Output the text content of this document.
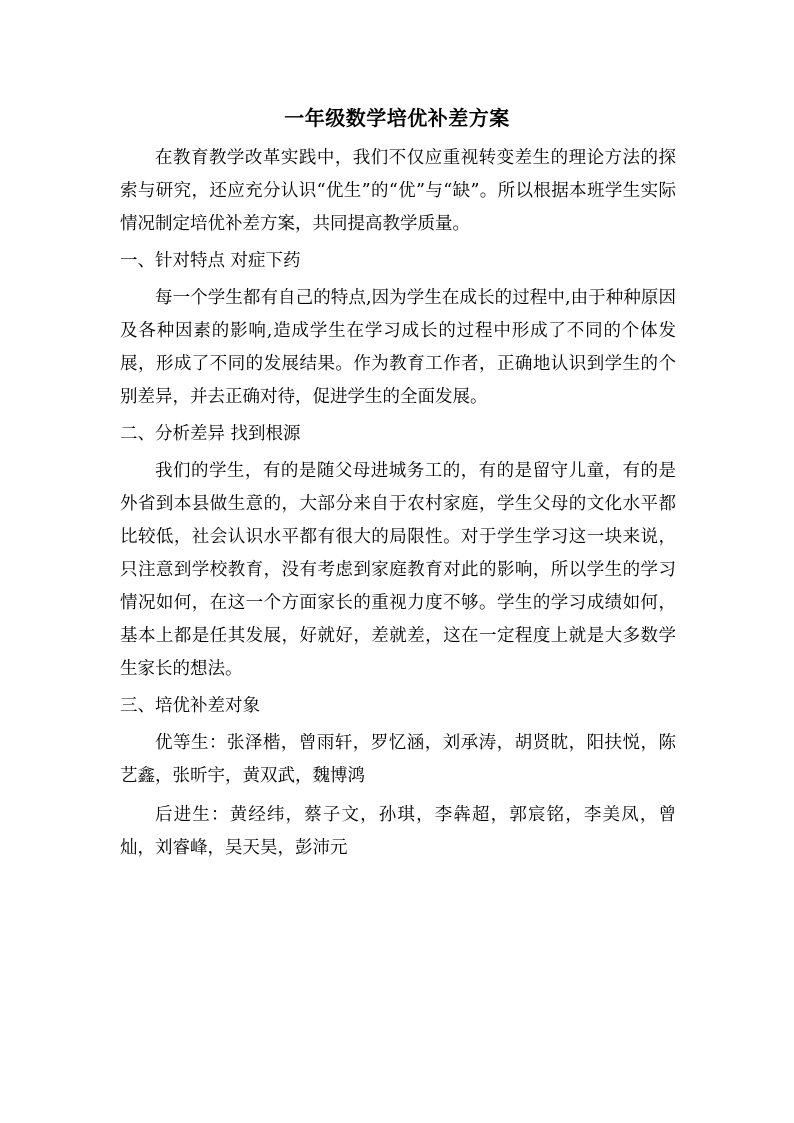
一年级数学培优补差方案

在教育教学改革实践中，我们不仅应重视转变差生的理论方法的探索与研究，还应充分认识“优生”的“优”与“缺”。所以根据本班学生实际情况制定培优补差方案，共同提高教学质量。

一、针对特点 对症下药

每一个学生都有自己的特点,因为学生在成长的过程中,由于种种原因及各种因素的影响,造成学生在学习成长的过程中形成了不同的个体发展，形成了不同的发展结果。作为教育工作者，正确地认识到学生的个别差异，并去正确对待，促进学生的全面发展。

二、分析差异 找到根源

我们的学生，有的是随父母进城务工的，有的是留守儿童，有的是外省到本县做生意的，大部分来自于农村家庭，学生父母的文化水平都比较低，社会认识水平都有很大的局限性。对于学生学习这一块来说，只注意到学校教育，没有考虑到家庭教育对此的影响，所以学生的学习情况如何，在这一个方面家长的重视力度不够。学生的学习成绩如何，基本上都是任其发展，好就好，差就差，这在一定程度上就是大多数学生家长的想法。

三、培优补差对象

优等生：张泽楷，曾雨轩，罗忆涵，刘承涛，胡贤眈，阳扶悦，陈艺鑫，张昕宇，黄双武，魏博鸿

后进生：黄经纬，蔡子文，孙琪，李犇超，郭宸铭，李美凤，曾灿，刘睿峰，吴天昊，彭沛元
